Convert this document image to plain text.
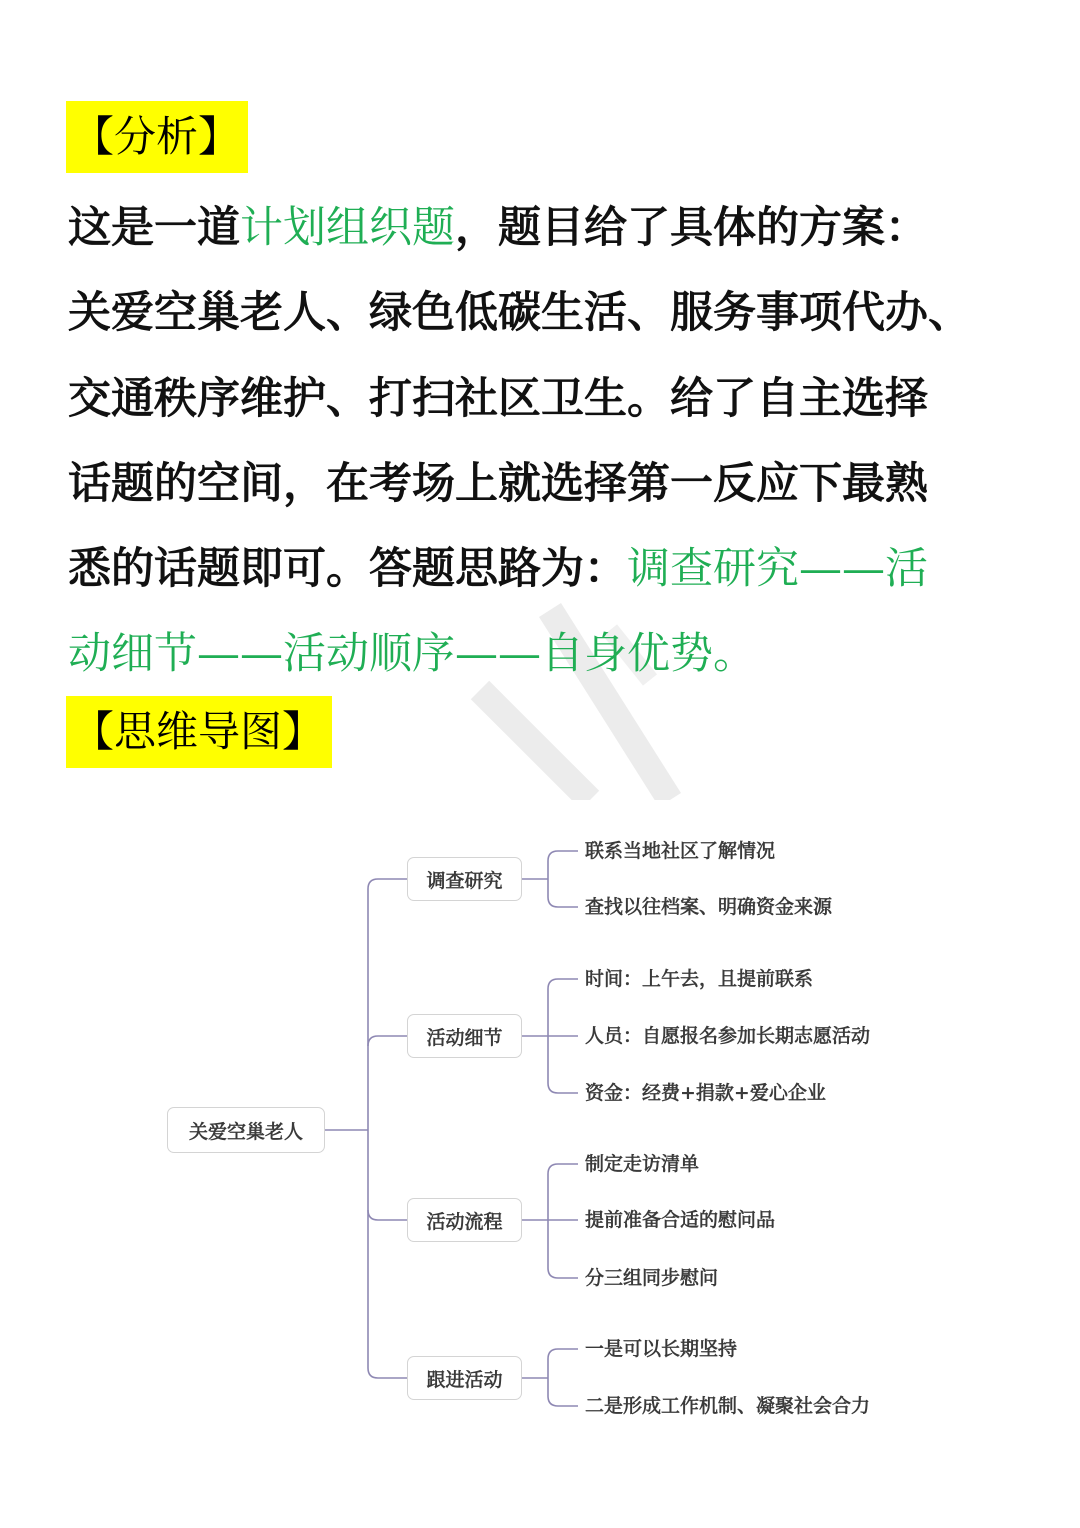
【分析】
这是一道计划组织题，题目给了具体的方案：
关爱空巢老人、绿色低碳生活、服务事项代办、
交通秩序维护、打扫社区卫生。给了自主选择
话题的空间，在考场上就选择第一反应下最熟
悉的话题即可。答题思路为：调查研究——活
动细节——活动顺序——自身优势。
【思维导图】
关爱空巢老人
调查研究
活动细节
活动流程
跟进活动
联系当地社区了解情况
查找以往档案、明确资金来源
时间：上午去，且提前联系
人员：自愿报名参加长期志愿活动
资金：经费+捐款+爱心企业
制定走访清单
提前准备合适的慰问品
分三组同步慰问
一是可以长期坚持
二是形成工作机制、凝聚社会合力
